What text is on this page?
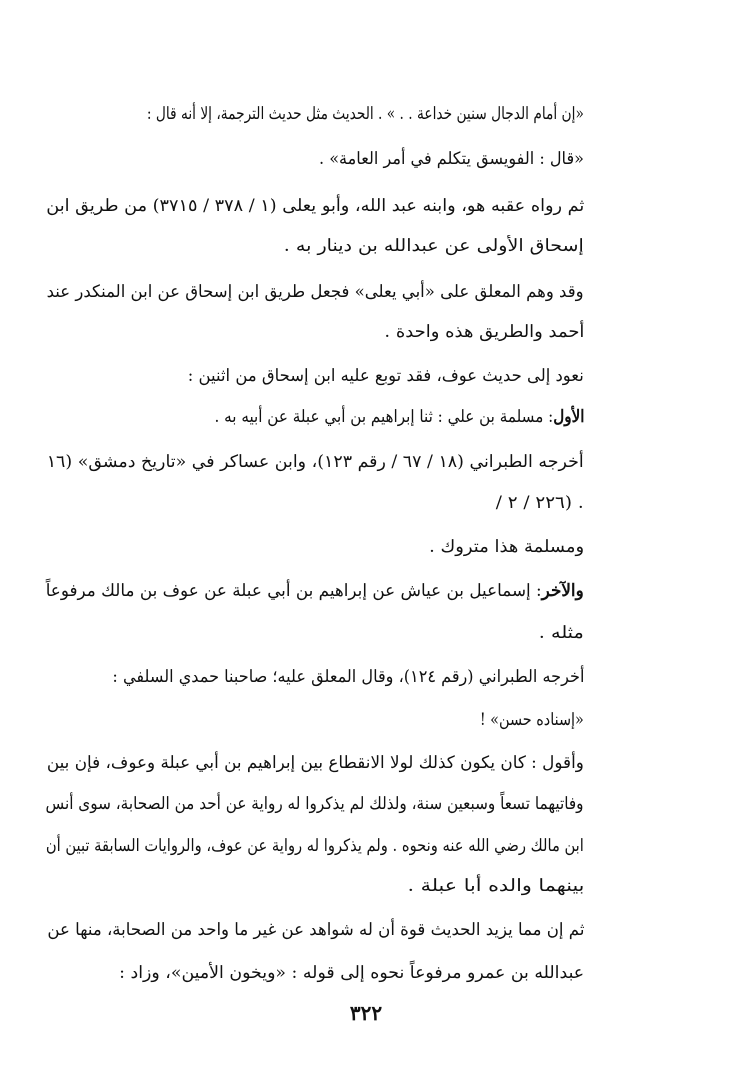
«إن أمام الدجال سنين خداعة . . » . الحديث مثل حديث الترجمة، إلا أنه قال :
«قال : الفويسق يتكلم في أمر العامة» .
ثم رواه عقبه هو، وابنه عبد الله، وأبو يعلى (١ / ٣٧٨ / ٣٧١٥) من طريق ابن
إسحاق الأولى عن عبدالله بن دينار به .
وقد وهم المعلق على «أبي يعلى» فجعل طريق ابن إسحاق عن ابن المنكدر عند
أحمد والطريق هذه واحدة .
نعود إلى حديث عوف، فقد توبع عليه ابن إسحاق من اثنين :
الأول: مسلمة بن علي : ثنا إبراهيم بن أبي عبلة عن أبيه به .
أخرجه الطبراني (١٨ / ٦٧ / رقم ١٢٣)، وابن عساكر في «تاريخ دمشق» (١٦
/ ٢٢٦ / ٢) .
ومسلمة هذا متروك .
والآخر: إسماعيل بن عياش عن إبراهيم بن أبي عبلة عن عوف بن مالك مرفوعاً
مثله .
أخرجه الطبراني (رقم ١٢٤)، وقال المعلق عليه؛ صاحبنا حمدي السلفي :
«إسناده حسن» !
وأقول : كان يكون كذلك لولا الانقطاع بين إبراهيم بن أبي عبلة وعوف، فإن بين
وفاتيهما تسعاً وسبعين سنة، ولذلك لم يذكروا له رواية عن أحد من الصحابة، سوى أنس
ابن مالك رضي الله عنه ونحوه . ولم يذكروا له رواية عن عوف، والروايات السابقة تبين أن
بينهما والده أبا عبلة .
ثم إن مما يزيد الحديث قوة أن له شواهد عن غير ما واحد من الصحابة، منها عن
عبدالله بن عمرو مرفوعاً نحوه إلى قوله : «ويخون الأمين»، وزاد :
٣٢٢
